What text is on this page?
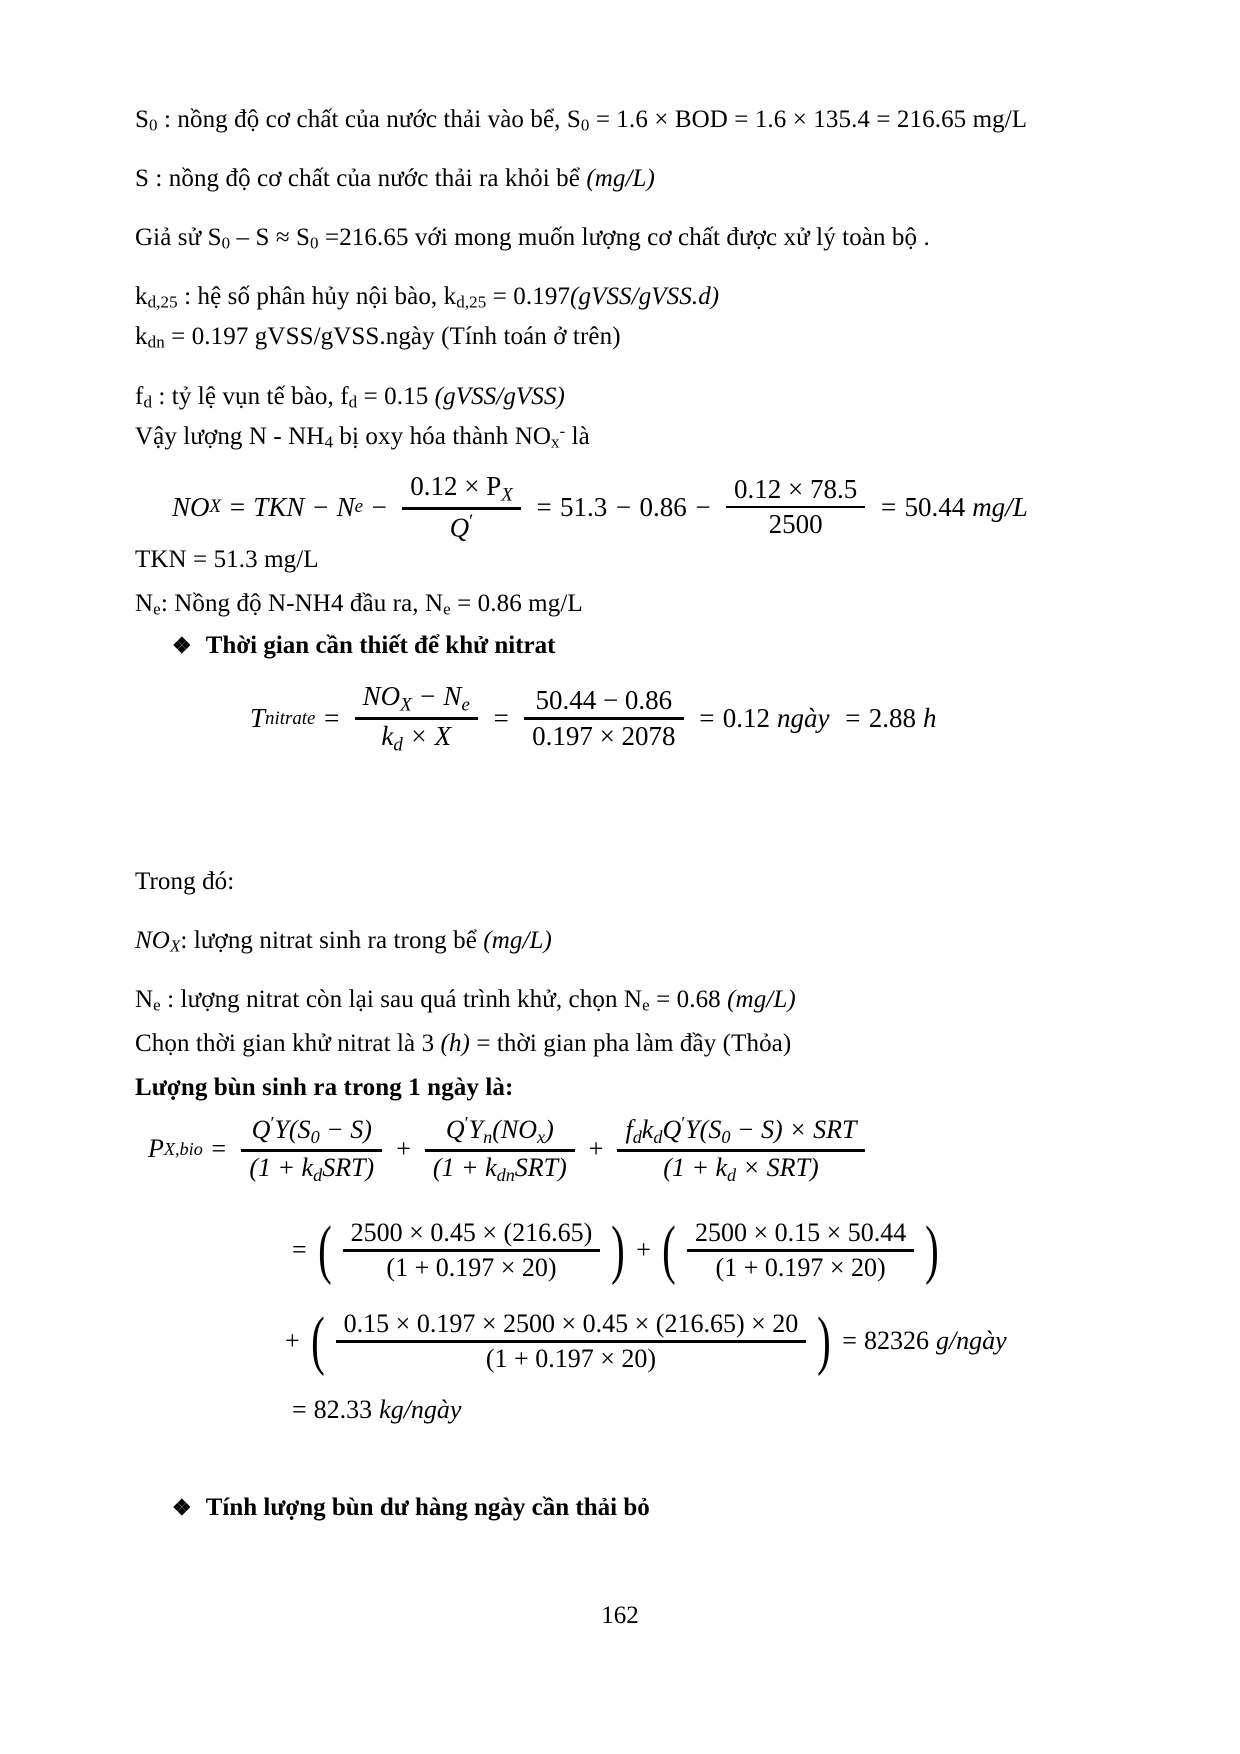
$S_0$ : nồng độ cơ chất của nước thải vào bể, $S_0 = 1.6$ × BOD = 1.6 × 135.4 = 216.65 mg/L
S : nồng độ cơ chất của nước thải ra khỏi bể (mg/L)
Giả sử $S_0 - S \approx S_0 =216.65$ với mong muốn lượng cơ chất được xử lý toàn bộ .
$k_{d,25}$ : hệ số phân hủy nội bào, $k_{d,25}$ = 0.197(gVSS/gVSS.d)
$k_{dn} = 0.197$ gVSS/gVSS.ngày (Tính toán ở trên)
$f_d$ : tỷ lệ vụn tế bào, $f_d = 0.15$ (gVSS/gVSS)
Vậy lượng N - $NH_4$ bị oxy hóa thành $NO_x^-$ là
NO X = TKN − N $e - \frac{0.12 \times PX}{Q'} = 51.3 - 0.86 - \frac{0.12 \times 78.5}{2500} = 50.44$ mg/L
TKN = 51.3 mg/L
$N_e$: Nồng độ N-NH4 đầu ra, $N_e = 0.86$ mg/L
❖ Thời gian cần thiết để khử nitrat
T nitrate = $\frac{\text{NOX − Ne}}{kd \times X} = \frac{50.44 - 0.86}{0.197 \times 2078} = 0.12$ ngày = 2.88 h
Trong đó:
$NO_X$: lượng nitrat sinh ra trong bể (mg/L)
$N_e$ : lượng nitrat còn lại sau quá trình khử, chọn $N_e = 0.68$ (mg/L)
Chọn thời gian khử nitrat là 3 (h) = thời gian pha làm đầy (Thỏa)
Lượng bùn sinh ra trong 1 ngày là:
P $X,bio = \frac{Q'Y(S0 - S)}{\text{(1 + kdSRT)}} + \frac{Q'Yn(NOx)}{\text{(1 + kdnSRT)}} + \frac{fdkdQ'Y(S0 - S) \times SRT}{\text{(1 + kd × SRT)}}$
= ( $\frac{2500 \times 0.45 \times (216.65)}{(1 + 0.197 \times 20)}$ ) + ( $\frac{2500 \times 0.15 \times 50.44}{(1 + 0.197 \times 20)}$ )
+ ( $\frac{0.15 \times 0.197 \times 2500 \times 0.45 \times (216.65) \times 20}{(1 + 0.197 \times 20)}$ ) = 82326 g/ngày
= 82.33 kg/ngày
❖ Tính lượng bùn dư hàng ngày cần thải bỏ
162
